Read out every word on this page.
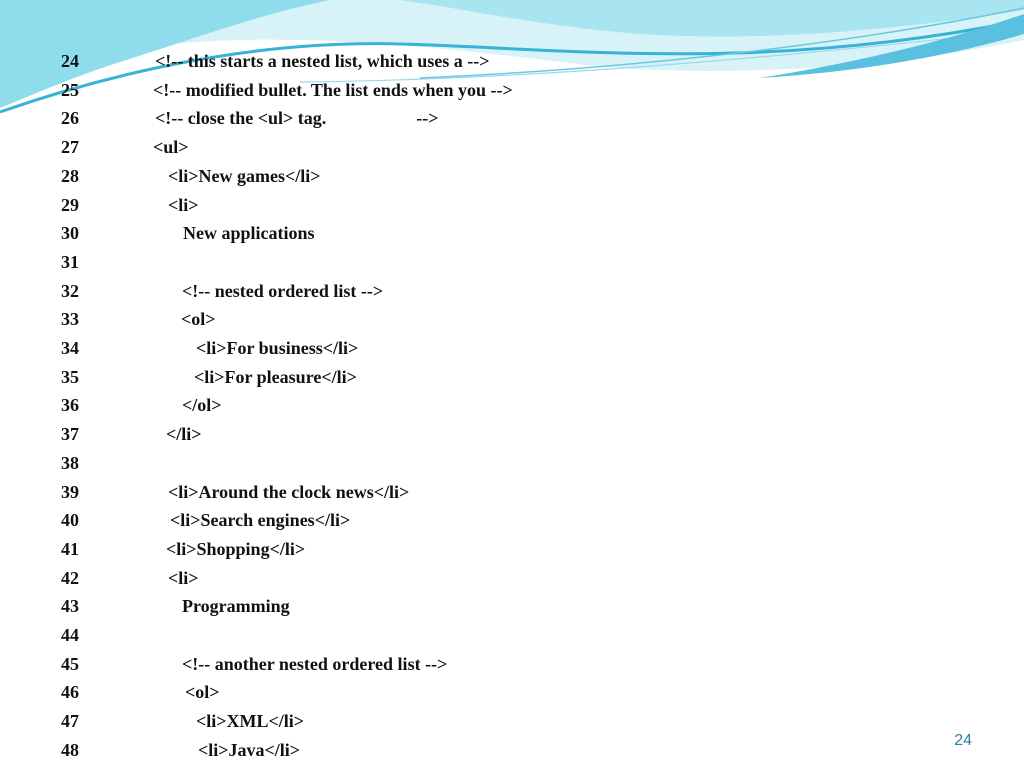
24	<!-- this starts a nested list, which uses a -->
25	<!-- modified bullet. The list ends when you -->
26	<!-- close the <ul> tag.                    -->
27	<ul>
28	<li>New games</li>
29	<li>
30	New applications
31
32	<!-- nested ordered list -->
33	<ol>
34	<li>For business</li>
35	<li>For pleasure</li>
36	</ol>
37	</li>
38
39	<li>Around the clock news</li>
40	<li>Search engines</li>
41	<li>Shopping</li>
42	<li>
43	Programming
44
45	<!-- another nested ordered list -->
46	<ol>
47	<li>XML</li>
48	<li>Java</li>	24
